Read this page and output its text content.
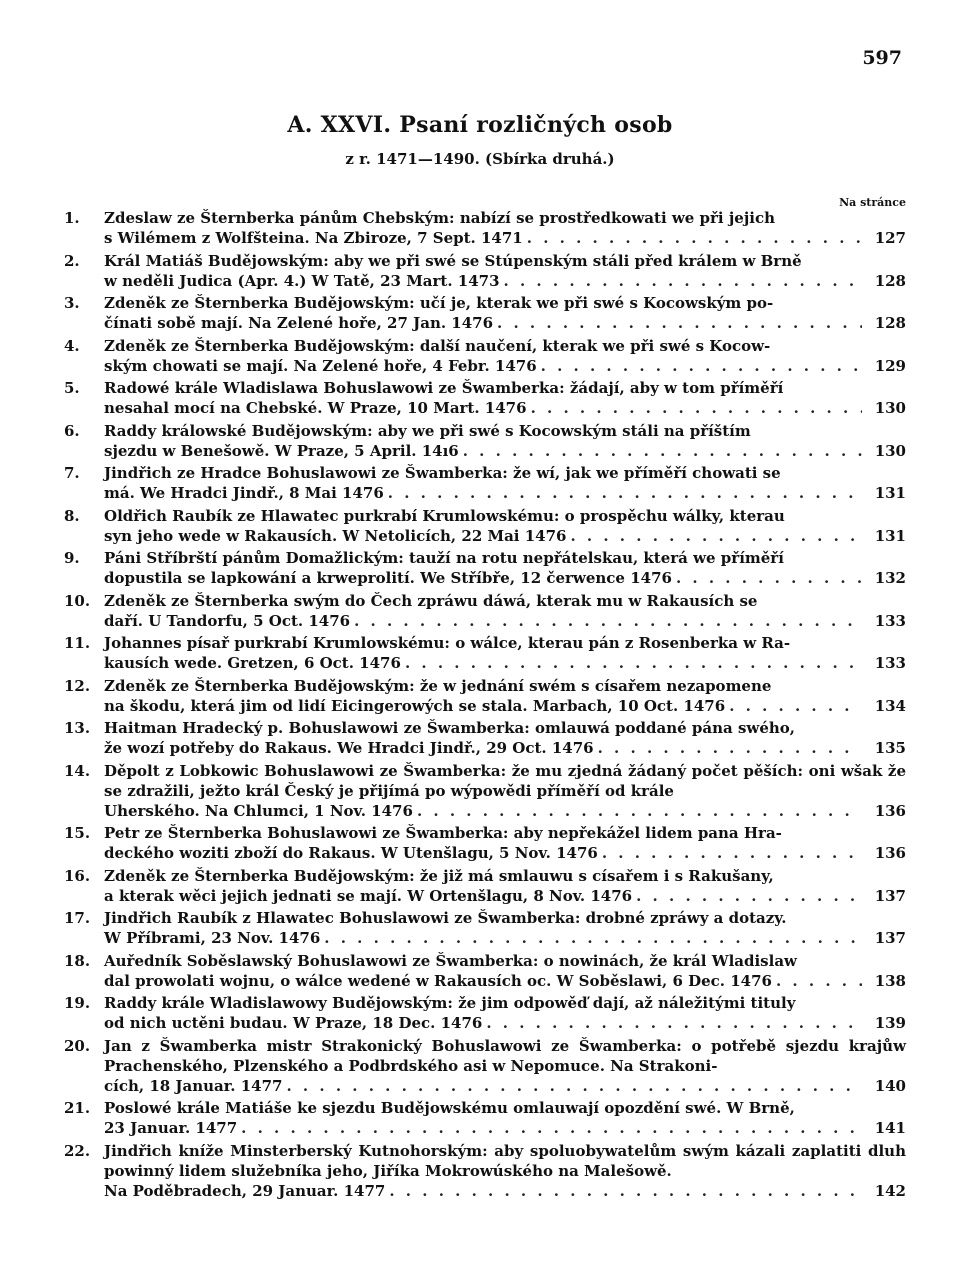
597
A. XXVI. Psaní rozličných osob
z r. 1471—1490. (Sbírka druhá.)
Na stránce
1.	Zdeslaw ze Šternberka pánům Chebským: nabízí se prostředkowati we při jejich
s Wilémem z Wolfšteina. Na Zbiroze, 7 Sept. 1471 . . .	127
2.	Král Matiáš Budějowským: aby we při swé se Stúpenským stáli před králem w Brně
w neděli Judica (Apr. 4.) W Tatě, 23 Mart. 1473 . . .	128
3.	Zdeněk ze Šternberka Budějowským: učí je, kterak we při swé s Kocowským po-
čínati sobě mají. Na Zelené hoře, 27 Jan. 1476 . . .	128
4.	Zdeněk ze Šternberka Budějowským: další naučení, kterak we při swé s Kocow-
ským chowati se mají. Na Zelené hoře, 4 Febr. 1476 . . .	129
5.	Radowé krále Wladislawa Bohuslawowi ze Šwamberka: žádají, aby w tom příměří
nesahal mocí na Chebské. W Praze, 10 Mart. 1476 . . .	130
6.	Raddy králowské Budějowským: aby we při swé s Kocowským stáli na příštím
sjezdu w Benešowě. W Praze, 5 April. 14ı6 . . .	130
7.	Jindřich ze Hradce Bohuslawowi ze Šwamberka: že wí, jak we příměří chowati se
má. We Hradci Jindř., 8 Mai 1476 . . .	131
8.	Oldřich Raubík ze Hlawatec purkrabí Krumlowskému: o prospěchu wálky, kterau
syn jeho wede w Rakausích. W Netolicích, 22 Mai 1476 . . .	131
9.	Páni Stříbrští pánům Domažlickým: tauží na rotu nepřátelskau, která we příměří
dopustila se lapkowání a krweprolití. We Stříbře, 12 čerwence 1476 . . .	132
10. Zdeněk ze Šternberka swým do Čech zpráwu dáwá, kterak mu w Rakausích se
daří. U Tandorfu, 5 Oct. 1476 . . .	133
11. Johannes písař purkrabí Krumlowskému: o wálce, kterau pán z Rosenberka w Ra-
kausích wede. Gretzen, 6 Oct. 1476 . . .	133
12. Zdeněk ze Šternberka Budějowským: že w jednání swém s císařem nezapomene
na škodu, která jim od lidí Eicingerowých se stala. Marbach, 10 Oct. 1476 . . .	134
13. Haitman Hradecký p. Bohuslawowi ze Šwamberka: omlauwá poddané pána swého,
že wozí potřeby do Rakaus. We Hradci Jindř., 29 Oct. 1476 . . .	135
14. Děpolt z Lobkowic Bohuslawowi ze Šwamberka: že mu zjedná žádaný počet pěších: oni wšak že se zdražili, ježto král Český je přijímá po wýpowědi příměří od krále
Uherského. Na Chlumci, 1 Nov. 1476 . . .	136
15. Petr ze Šternberka Bohuslawowi ze Šwamberka: aby nepřekážel lidem pana Hra-
deckého woziti zboží do Rakaus. W Utenšlagu, 5 Nov. 1476 . . .	136
16. Zdeněk ze Šternberka Budějowským: že již má smlauwu s císařem i s Rakušany,
a kterak wěci jejich jednati se mají. W Ortenšlagu, 8 Nov. 1476 . . .	137
17. Jindřich Raubík z Hlawatec Bohuslawowi ze Šwamberka: drobné zpráwy a dotazy.
W Příbrami, 23 Nov. 1476 . . .	137
18. Auředník Soběslawský Bohuslawowi ze Šwamberka: o nowinách, že král Wladislaw
dal prowolati wojnu, o wálce wedené w Rakausích oc. W Soběslawi, 6 Dec. 1476 . . .	138
19. Raddy krále Wladislawowy Budějowským: že jim odpowěď dají, až náležitými tituly
od nich uctěni budau. W Praze, 18 Dec. 1476 . . .	139
20. Jan z Šwamberka mistr Strakonický Bohuslawowi ze Šwamberka: o potřebě sjezdu krajůw Prachenského, Plzenského a Podbrdského asi w Nepomuce. Na Strakoni-
cích, 18 Januar. 1477 . . .	140
21. Poslowé krále Matiáše ke sjezdu Budějowskému omlauwají opozdění swé. W Brně,
23 Januar. 1477 . . .	141
22. Jindřich kníže Minsterberský Kutnohorským: aby spoluobywatelům swým kázali zaplatiti dluh powinný lidem služebníka jeho, Jiříka Mokrowúského na Malešowě.
Na Poděbradech, 29 Januar. 1477 . . .	142
